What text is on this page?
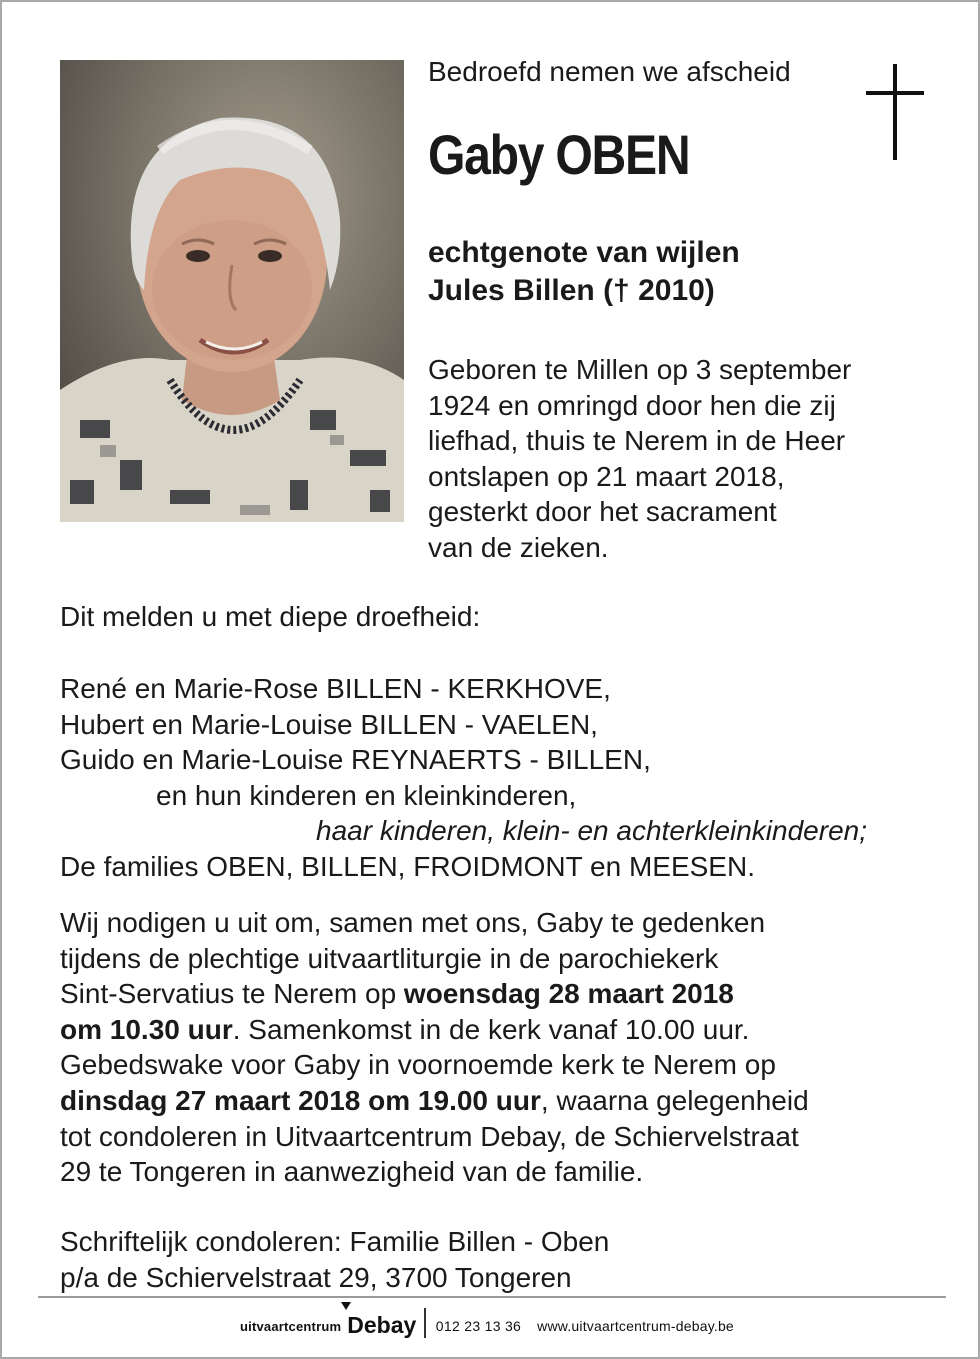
Bedroefd nemen we afscheid
Gaby OBEN
echtgenote van wijlen
Jules Billen († 2010)
Geboren te Millen op 3 september
1924 en omringd door hen die zij
liefhad, thuis te Nerem in de Heer
ontslapen op 21 maart 2018,
gesterkt door het sacrament
van de zieken.
Dit melden u met diepe droefheid:
René en Marie-Rose BILLEN - KERKHOVE,
Hubert en Marie-Louise BILLEN - VAELEN,
Guido en Marie-Louise REYNAERTS - BILLEN,
en hun kinderen en kleinkinderen,
haar kinderen, klein- en achterkleinkinderen;
De families OBEN, BILLEN, FROIDMONT en MEESEN.
Wij nodigen u uit om, samen met ons, Gaby te gedenken
tijdens de plechtige uitvaartliturgie in de parochiekerk
Sint-Servatius te Nerem op woensdag 28 maart 2018
om 10.30 uur. Samenkomst in de kerk vanaf 10.00 uur.
Gebedswake voor Gaby in voornoemde kerk te Nerem op
dinsdag 27 maart 2018 om 19.00 uur, waarna gelegenheid
tot condoleren in Uitvaartcentrum Debay, de Schiervelstraat
29 te Tongeren in aanwezigheid van de familie.
Schriftelijk condoleren: Familie Billen - Oben
p/a de Schiervelstraat 29, 3700 Tongeren
uitvaartcentrum Debay 012 23 13 36 www.uitvaartcentrum-debay.be
